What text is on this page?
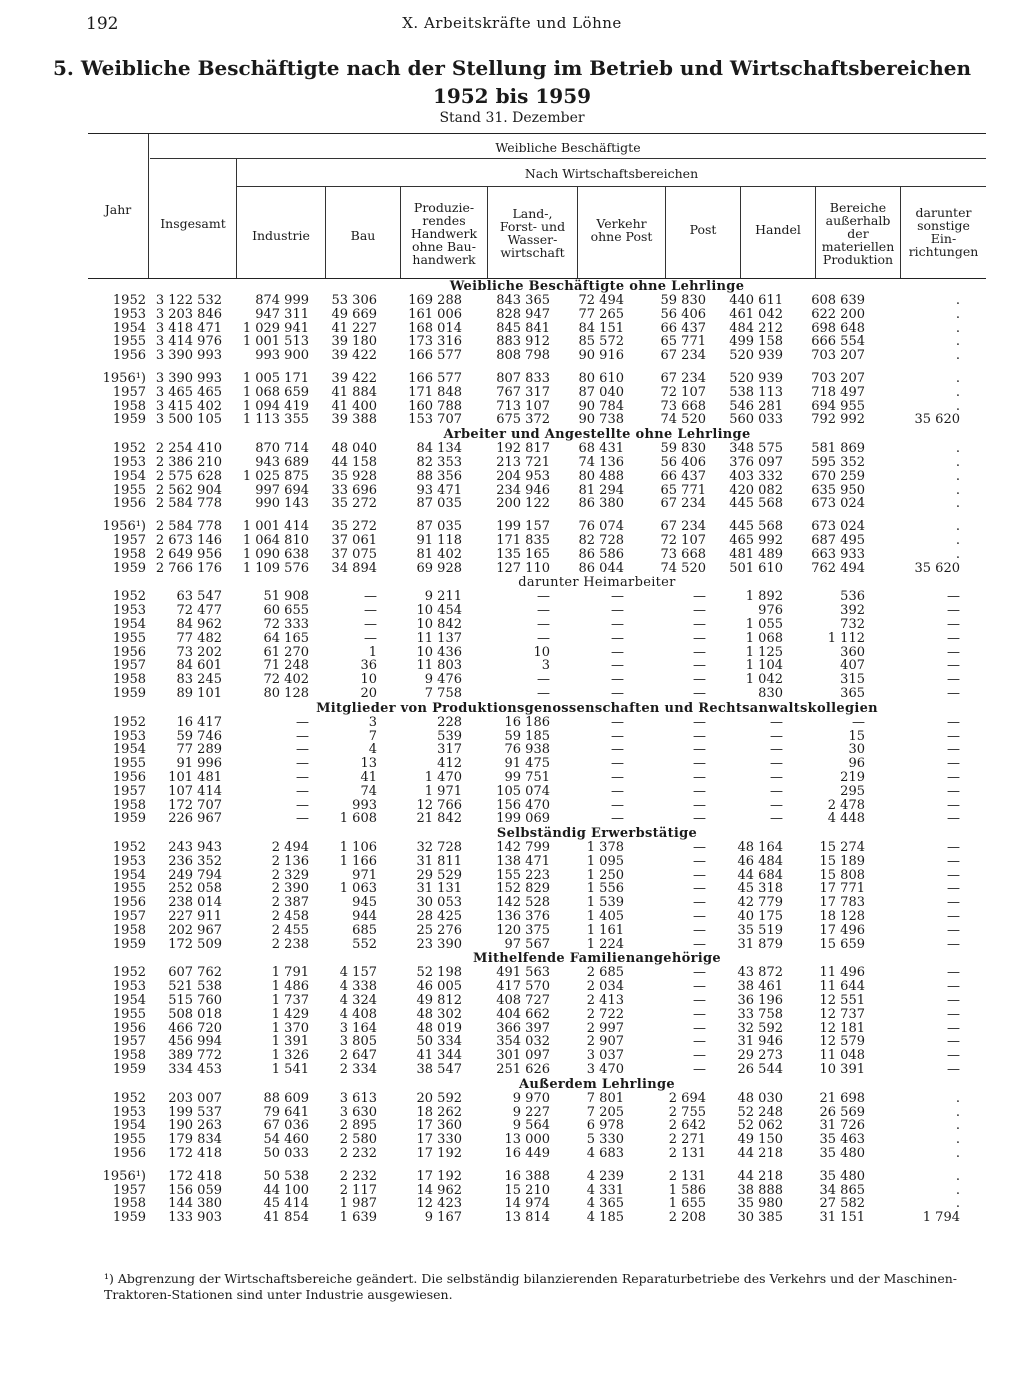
192	X. Arbeitskräfte und Löhne
5. Weibliche Beschäftigte nach der Stellung im Betrieb und Wirtschaftsbereichen
1952 bis 1959
Stand 31. Dezember
Jahr
Weibliche Beschäftigte
Insgesamt
Nach Wirtschaftsbereichen
Industrie	Bau
Produzie-
rendes
Handwerk
ohne Bau-
handwerk
Land-,
Forst- und
Wasser-
wirtschaft
Verkehr
ohne Post	Post	Handel
Bereiche
außerhalb
der
materiellen
Produktion
darunter
sonstige
Ein-
richtungen
Weibliche Beschäftigte ohne Lehrlinge
1952 3 122 532	874 999	53 306	169 288	843 365	72 494	59 830	440 611	608 639	.
1953 3 203 846	947 311	49 669	161 006	828 947	77 265	56 406	461 042	622 200	.
1954 3 418 471	1 029 941	41 227	168 014	845 841	84 151	66 437	484 212	698 648	.
1955 3 414 976	1 001 513	39 180	173 316	883 912	85 572	65 771	499 158	666 554	.
1956 3 390 993	993 900	39 422	166 577	808 798	90 916	67 234	520 939	703 207	.
1956¹) 3 390 993	1 005 171	39 422	166 577	807 833	80 610	67 234	520 939	703 207	.
1957 3 465 465	1 068 659	41 884	171 848	767 317	87 040	72 107	538 113	718 497	.
1958 3 415 402	1 094 419	41 400	160 788	713 107	90 784	73 668	546 281	694 955	.
1959 3 500 105	1 113 355	39 388	153 707	675 372	90 738	74 520	560 033	792 992	35 620
Arbeiter und Angestellte ohne Lehrlinge
1952 2 254 410	870 714	48 040	84 134	192 817	68 431	59 830	348 575	581 869	.
1953 2 386 210	943 689	44 158	82 353	213 721	74 136	56 406	376 097	595 352	.
1954 2 575 628	1 025 875	35 928	88 356	204 953	80 488	66 437	403 332	670 259	.
1955 2 562 904	997 694	33 696	93 471	234 946	81 294	65 771	420 082	635 950	.
1956 2 584 778	990 143	35 272	87 035	200 122	86 380	67 234	445 568	673 024	.
1956¹) 2 584 778	1 001 414	35 272	87 035	199 157	76 074	67 234	445 568	673 024	.
1957 2 673 146	1 064 810	37 061	91 118	171 835	82 728	72 107	465 992	687 495	.
1958 2 649 956	1 090 638	37 075	81 402	135 165	86 586	73 668	481 489	663 933	.
1959 2 766 176	1 109 576	34 894	69 928	127 110	86 044	74 520	501 610	762 494	35 620
darunter Heimarbeiter
1952	63 547	51 908	—	9 211	—	—	—	1 892	536	—
1953	72 477	60 655	—	10 454	—	—	—	976	392	—
1954	84 962	72 333	—	10 842	—	—	—	1 055	732	—
1955	77 482	64 165	—	11 137	—	—	—	1 068	1 112	—
1956	73 202	61 270	1	10 436	10	—	—	1 125	360	—
1957	84 601	71 248	36	11 803	3	—	—	1 104	407	—
1958	83 245	72 402	10	9 476	—	—	—	1 042	315	—
1959	89 101	80 128	20	7 758	—	—	—	830	365	—
Mitglieder von Produktionsgenossenschaften und Rechtsanwaltskollegien
1952	16 417	—	3	228	16 186	—	—	—	—	—
1953	59 746	—	7	539	59 185	—	—	—	15	—
1954	77 289	—	4	317	76 938	—	—	—	30	—
1955	91 996	—	13	412	91 475	—	—	—	96	—
1956	101 481	—	41	1 470	99 751	—	—	—	219	—
1957	107 414	—	74	1 971	105 074	—	—	—	295	—
1958	172 707	—	993	12 766	156 470	—	—	—	2 478	—
1959	226 967	—	1 608	21 842	199 069	—	—	—	4 448	—
Selbständig Erwerbstätige
1952	243 943	2 494	1 106	32 728	142 799	1 378	—	48 164	15 274	—
1953	236 352	2 136	1 166	31 811	138 471	1 095	—	46 484	15 189	—
1954	249 794	2 329	971	29 529	155 223	1 250	—	44 684	15 808	—
1955	252 058	2 390	1 063	31 131	152 829	1 556	—	45 318	17 771	—
1956	238 014	2 387	945	30 053	142 528	1 539	—	42 779	17 783	—
1957	227 911	2 458	944	28 425	136 376	1 405	—	40 175	18 128	—
1958	202 967	2 455	685	25 276	120 375	1 161	—	35 519	17 496	—
1959	172 509	2 238	552	23 390	97 567	1 224	—	31 879	15 659	—
Mithelfende Familienangehörige
1952	607 762	1 791	4 157	52 198	491 563	2 685	—	43 872	11 496	—
1953	521 538	1 486	4 338	46 005	417 570	2 034	—	38 461	11 644	—
1954	515 760	1 737	4 324	49 812	408 727	2 413	—	36 196	12 551	—
1955	508 018	1 429	4 408	48 302	404 662	2 722	—	33 758	12 737	—
1956	466 720	1 370	3 164	48 019	366 397	2 997	—	32 592	12 181	—
1957	456 994	1 391	3 805	50 334	354 032	2 907	—	31 946	12 579	—
1958	389 772	1 326	2 647	41 344	301 097	3 037	—	29 273	11 048	—
1959	334 453	1 541	2 334	38 547	251 626	3 470	—	26 544	10 391	—
Außerdem Lehrlinge
1952	203 007	88 609	3 613	20 592	9 970	7 801	2 694	48 030	21 698	.
1953	199 537	79 641	3 630	18 262	9 227	7 205	2 755	52 248	26 569	.
1954	190 263	67 036	2 895	17 360	9 564	6 978	2 642	52 062	31 726	.
1955	179 834	54 460	2 580	17 330	13 000	5 330	2 271	49 150	35 463	.
1956	172 418	50 033	2 232	17 192	16 449	4 683	2 131	44 218	35 480	.
1956¹)	172 418	50 538	2 232	17 192	16 388	4 239	2 131	44 218	35 480	.
1957	156 059	44 100	2 117	14 962	15 210	4 331	1 586	38 888	34 865	.
1958	144 380	45 414	1 987	12 423	14 974	4 365	1 655	35 980	27 582	.
1959	133 903	41 854	1 639	9 167	13 814	4 185	2 208	30 385	31 151	1 794
¹) Abgrenzung der Wirtschaftsbereiche geändert. Die selbständig bilanzierenden Reparaturbetriebe des Verkehrs und der Maschinen-Traktoren-Stationen sind unter Industrie ausgewiesen.
